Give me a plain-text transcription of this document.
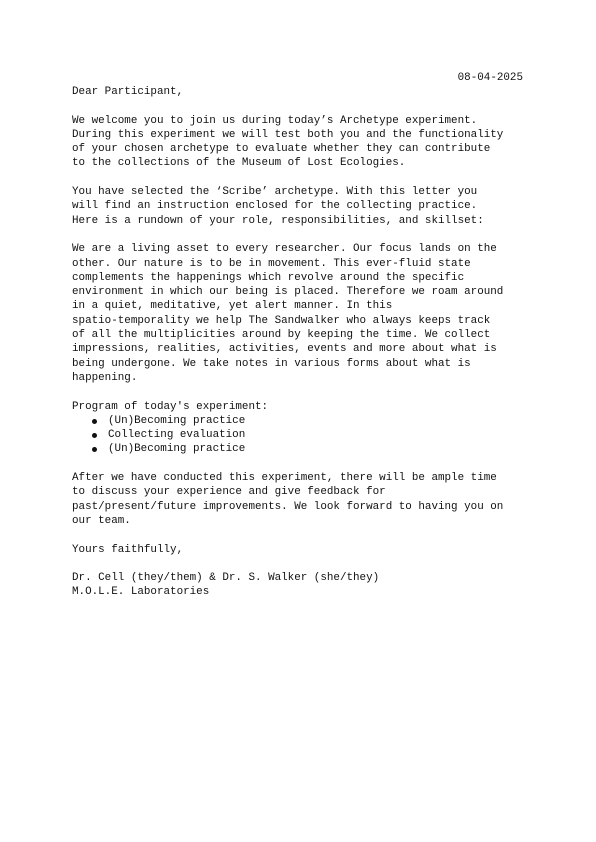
08-04-2025

Dear Participant,

We welcome you to join us during today’s Archetype experiment.
During this experiment we will test both you and the functionality
of your chosen archetype to evaluate whether they can contribute
to the collections of the Museum of Lost Ecologies.

You have selected the ‘Scribe’ archetype. With this letter you
will find an instruction enclosed for the collecting practice.
Here is a rundown of your role, responsibilities, and skillset:

We are a living asset to every researcher. Our focus lands on the
other. Our nature is to be in movement. This ever-fluid state
complements the happenings which revolve around the specific
environment in which our being is placed. Therefore we roam around
in a quiet, meditative, yet alert manner. In this
spatio-temporality we help The Sandwalker who always keeps track
of all the multiplicities around by keeping the time. We collect
impressions, realities, activities, events and more about what is
being undergone. We take notes in various forms about what is
happening.

Program of today's experiment:

(Un)Becoming practice
Collecting evaluation
(Un)Becoming practice

After we have conducted this experiment, there will be ample time
to discuss your experience and give feedback for
past/present/future improvements. We look forward to having you on
our team.

Yours faithfully,

Dr. Cell (they/them) & Dr. S. Walker (she/they)
M.O.L.E. Laboratories
